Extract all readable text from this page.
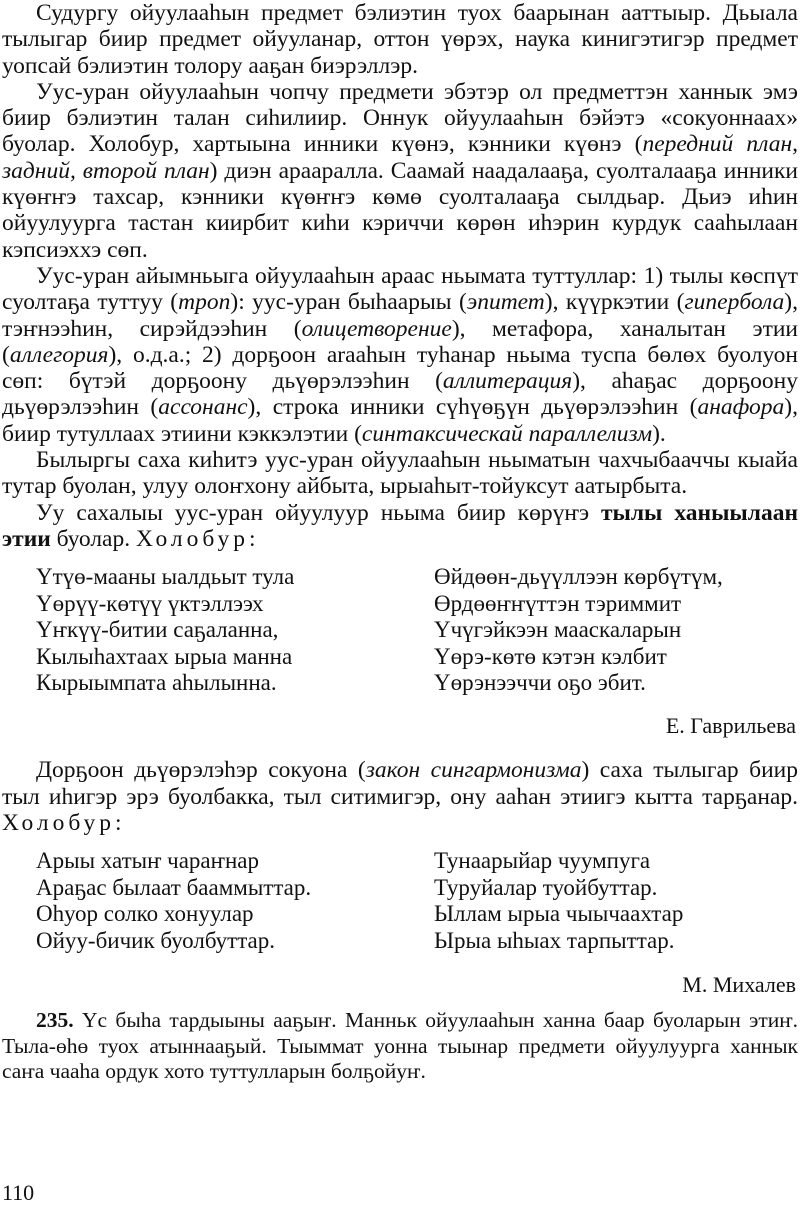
Судургу ойуулааһын предмет бэлиэтин туох баарынан ааттыыр. Дьыала тылыгар биир предмет ойууланар, оттон үөрэх, наука кинигэтигэр предмет уопсай бэлиэтин толору ааҕан биэрэллэр.

Уус-уран ойуулааһын чопчу предмети эбэтэр ол предметтэн ханнык эмэ биир бэлиэтин талан сиһилиир. Оннук ойуулааһын бэйэтэ «сокуоннаах» буолар. Холобур, хартыына инники күөнэ, кэнники күөнэ (передний план, задний, второй план) диэн арааралла. Саамай наадалааҕа, суолталааҕа инники күөҥҥэ тахсар, кэнники күөҥҥэ көмө суолталааҕа сылдьар. Дьиэ иһин ойуулуурга тастан киирбит киһи кэриччи көрөн иһэрин курдук сааһылаан кэпсиэххэ сөп.

Уус-уран айымньыга ойуулааһын араас ньымата туттуллар: 1) тылы көспүт суолтаҕа туттуу (троп): уус-уран быһаарыы (эпитет), күүркэтии (гипербола), тэҥнээһин, сирэйдээһин (олицетворение), метафора, ханалытан этии (аллегория), о.д.а.; 2) дорҕоон araаһын туһанар ньыма туспа бөлөх буолуон сөп: бүтэй дорҕоону дьүөрэлээһин (аллитерация), аһаҕас дорҕоону дьүөрэлээһин (ассонанс), строка инники сүһүөҕүн дьүөрэлээһин (анафора), биир тутуллаах этиини кэккэлэтии (синтаксическай параллелизм).

Былыргы саха киһитэ уус-уран ойуулааһын ньыматын чахчыбааччы кыайа тутар буолан, улуу олоҥхону айбыта, ырыаһыт-тойуксут аатырбыта.

Уу сахалыы уус-уран ойуулуур ньыма биир көрүҥэ тылы ханыылаан этии буолар. Холобур:

Үтүө-мааны ыалдьыт тула
Үөрүү-көтүү үктэллээх
Үҥкүү-битии саҕаланна,
Кылыһахтаах ырыа манна
Кырыымпата аһылынна.
Өйдөөн-дьүүллээн көрбүтүм,
Өрдөөҥҥүттэн тэриммит
Үчүгэйкээн мааскаларын
Үөрэ-көтө кэтэн кэлбит
Үөрэнээччи оҕо эбит.

Е. Гаврильева

Дорҕоон дьүөрэлэһэр сокуона (закон сингармонизма) саха тылыгар биир тыл иһигэр эрэ буолбакка, тыл ситимигэр, ону ааһан этиигэ кытта тарҕанар. Холобур:

Арыы хатыҥ чараҥнар
Араҕас былаат бааммыттар.
Оһуор солко хонуулар
Ойуу-бичик буолбуттар.
Тунаарыйар чуумпуга
Туруйалар туойбуттар.
Ыллам ырыа чыычаахтар
Ырыа ыһыах тарпыттар.

М. Михалев

235. Үс быһа тардыыны ааҕыҥ. Манньк ойуулааһын ханна баар буоларын этиҥ. Тыла-өһө туох атыннааҕый. Тыыммат уонна тыынар предмети ойуулуурга ханнык саҥа чааһа ордук хото туттулларын болҕойуҥ.

110
